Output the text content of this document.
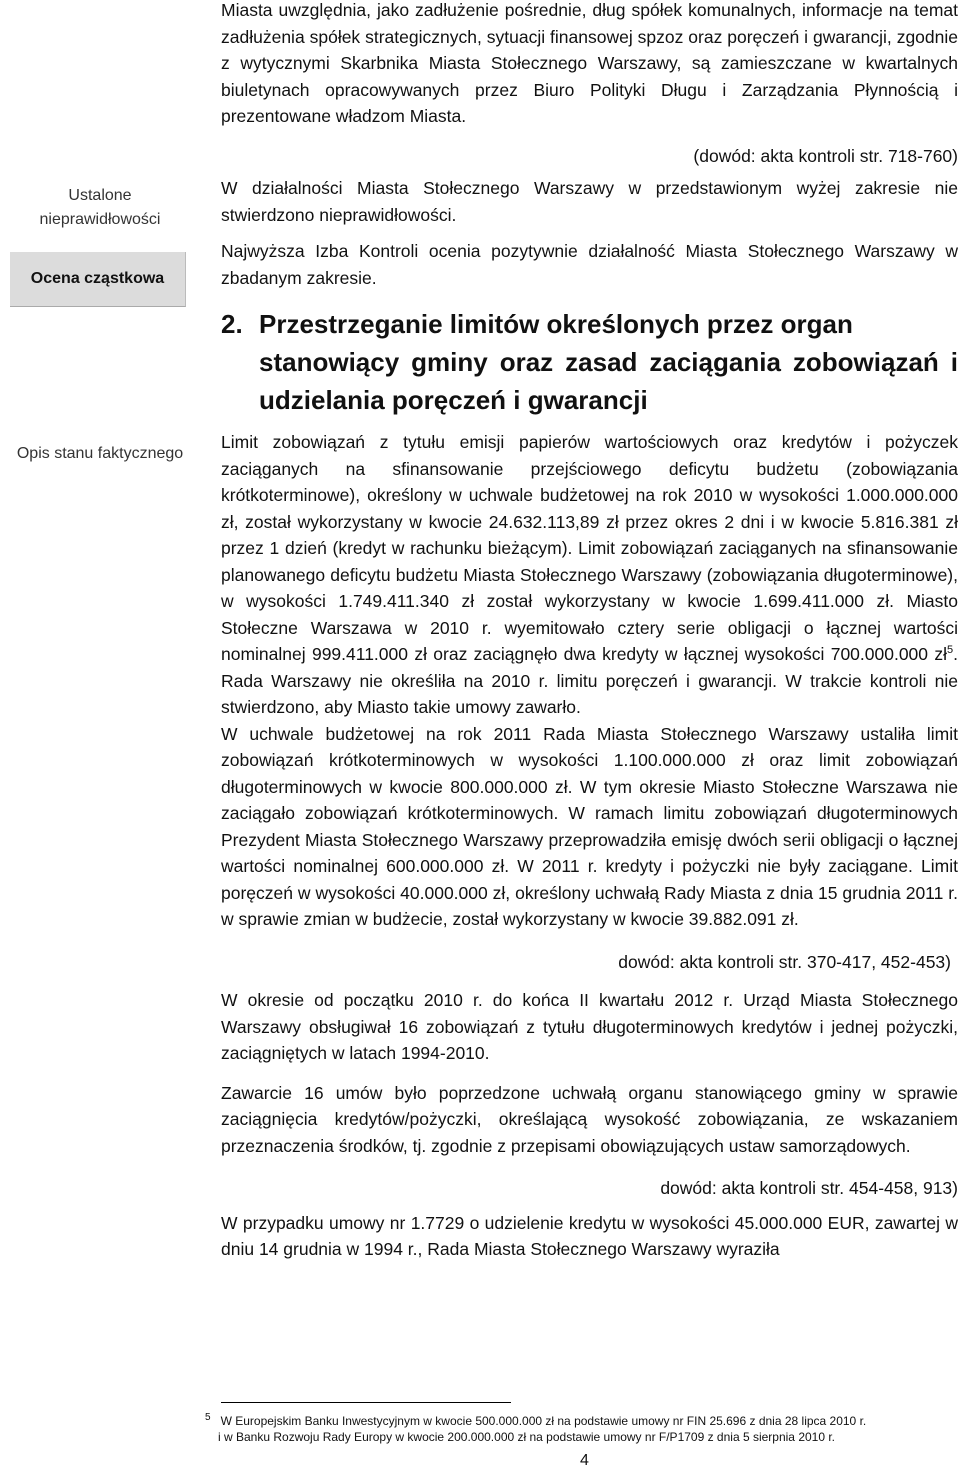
Ustalone nieprawidłowości
Ocena cząstkowa
Opis stanu faktycznego

Miasta uwzględnia, jako zadłużenie pośrednie, dług spółek komunalnych, informacje na temat zadłużenia spółek strategicznych, sytuacji finansowej spzoz oraz poręczeń i gwarancji, zgodnie z wytycznymi Skarbnika Miasta Stołecznego Warszawy, są zamieszczane w kwartalnych biuletynach opracowywanych przez Biuro Polityki Długu i Zarządzania Płynnością i prezentowane władzom Miasta.

(dowód: akta kontroli str. 718-760)

W działalności Miasta Stołecznego Warszawy w przedstawionym wyżej zakresie nie stwierdzono nieprawidłowości.

Najwyższa Izba Kontroli ocenia pozytywnie działalność Miasta Stołecznego Warszawy w zbadanym zakresie.

2. Przestrzeganie limitów określonych przez organ
stanowiący gminy oraz zasad zaciągania zobowiązań i udzielania poręczeń i gwarancji

Limit zobowiązań z tytułu emisji papierów wartościowych oraz kredytów i pożyczek zaciąganych na sfinansowanie przejściowego deficytu budżetu (zobowiązania krótkoterminowe), określony w uchwale budżetowej na rok 2010 w wysokości 1.000.000.000 zł, został wykorzystany w kwocie 24.632.113,89 zł przez okres 2 dni i w kwocie 5.816.381 zł przez 1 dzień (kredyt w rachunku bieżącym). Limit zobowiązań zaciąganych na sfinansowanie planowanego deficytu budżetu Miasta Stołecznego Warszawy (zobowiązania długoterminowe), w wysokości 1.749.411.340 zł został wykorzystany w kwocie 1.699.411.000 zł. Miasto Stołeczne Warszawa w 2010 r. wyemitowało cztery serie obligacji o łącznej wartości nominalnej 999.411.000 zł oraz zaciągnęło dwa kredyty w łącznej wysokości 700.000.000 $zł^5$. Rada Warszawy nie określiła na 2010 r. limitu poręczeń i gwarancji. W trakcie kontroli nie stwierdzono, aby Miasto takie umowy zawarło.

W uchwale budżetowej na rok 2011 Rada Miasta Stołecznego Warszawy ustaliła limit zobowiązań krótkoterminowych w wysokości 1.100.000.000 zł oraz limit zobowiązań długoterminowych w kwocie 800.000.000 zł. W tym okresie Miasto Stołeczne Warszawa nie zaciągało zobowiązań krótkoterminowych. W ramach limitu zobowiązań długoterminowych Prezydent Miasta Stołecznego Warszawy przeprowadziła emisję dwóch serii obligacji o łącznej wartości nominalnej 600.000.000 zł. W 2011 r. kredyty i pożyczki nie były zaciągane. Limit poręczeń w wysokości 40.000.000 zł, określony uchwałą Rady Miasta z dnia 15 grudnia 2011 r. w sprawie zmian w budżecie, został wykorzystany w kwocie 39.882.091 zł.

dowód: akta kontroli str. 370-417, 452-453)

W okresie od początku 2010 r. do końca II kwartału 2012 r. Urząd Miasta Stołecznego Warszawy obsługiwał 16 zobowiązań z tytułu długoterminowych kredytów i jednej pożyczki, zaciągniętych w latach 1994-2010.

Zawarcie 16 umów było poprzedzone uchwałą organu stanowiącego gminy w sprawie zaciągnięcia kredytów/pożyczki, określającą wysokość zobowiązania, ze wskazaniem przeznaczenia środków, tj. zgodnie z przepisami obowiązujących ustaw samorządowych.

dowód: akta kontroli str. 454-458, 913)

W przypadku umowy nr 1.7729 o udzielenie kredytu w wysokości 45.000.000 EUR, zawartej w dniu 14 grudnia w 1994 r., Rada Miasta Stołecznego Warszawy wyraziła

$^5$ W Europejskim Banku Inwestycyjnym w kwocie 500.000.000 zł na podstawie umowy nr FIN 25.696 z dnia 28 lipca 2010 r.
i w Banku Rozwoju Rady Europy w kwocie 200.000.000 zł na podstawie umowy nr F/P1709 z dnia 5 sierpnia 2010 r.
4
